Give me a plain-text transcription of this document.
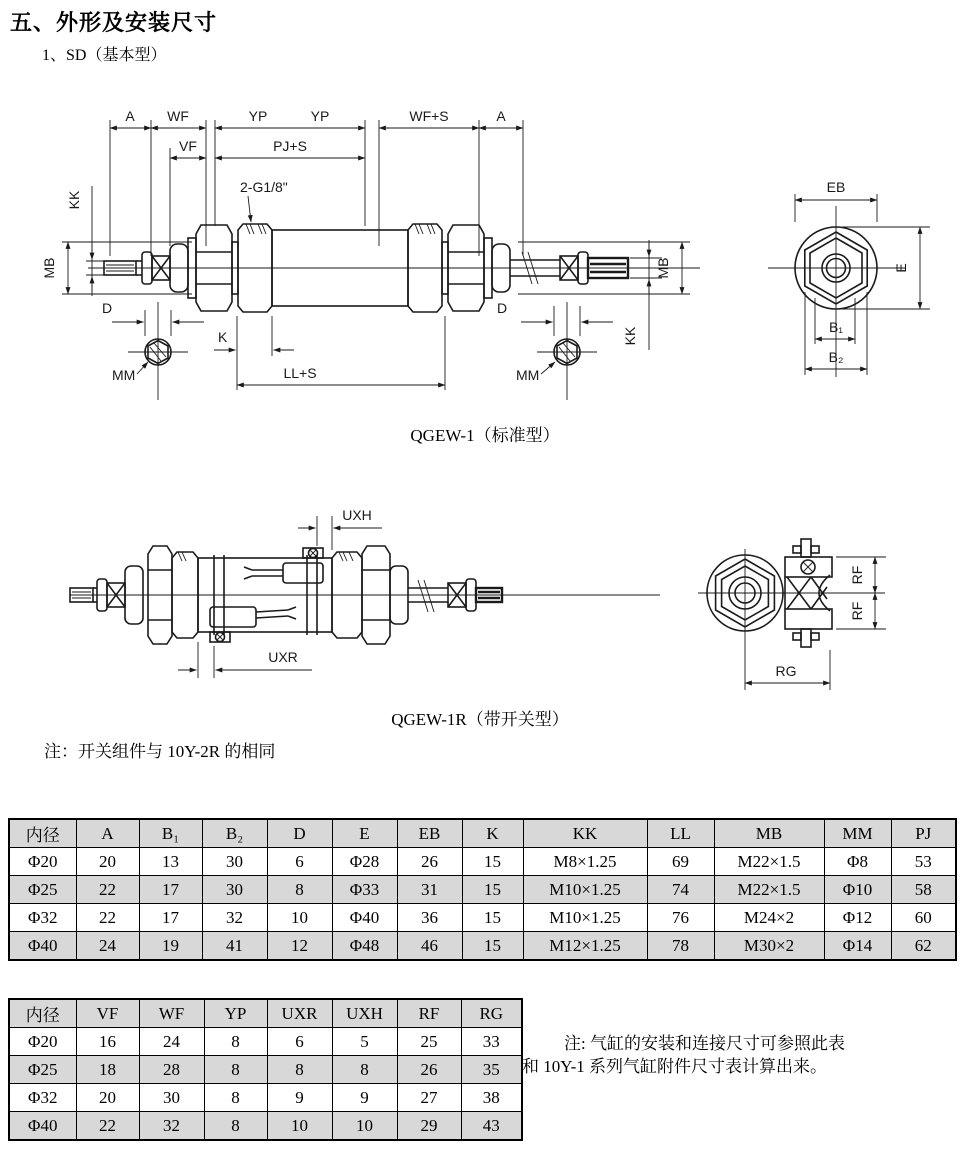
五、外形及安装尺寸
1、SD（基本型）
MM	MM
A WF	YP	YP	WF+S	A
VF	PJ+S
2-G1/8"
MB
KK
MB
KK
D	D
K
LL+S
EB
E
B₁
B₂
UXH
UXR
RF
RF
RG
QGEW-1（标准型）
QGEW-1R（带开关型）
注：开关组件与 10Y-2R 的相同
内径	A	B₁	B₂	D	E	EB	K	KK	LL	MB	MM	PJ
Φ20	20	13	30	6	Φ28	26	15	M8×1.25	69	M22×1.5	Φ8	53
Φ25	22	17	30	8	Φ33	31	15	M10×1.25	74	M22×1.5	Φ10	58
Φ32	22	17	32	10	Φ40	36	15	M10×1.25	76	M24×2	Φ12	60
Φ40	24	19	41	12	Φ48	46	15	M12×1.25	78	M30×2	Φ14	62
内径	VF	WF	YP	UXR	UXH	RF	RG
Φ20	16	24	8	6	5	25	33
Φ25	18	28	8	8	8	26	35
Φ32	20	30	8	9	9	27	38
Φ40	22	32	8	10	10	29	43
注: 气缸的安装和连接尺寸可参照此表
和 10Y-1 系列气缸附件尺寸表计算出来。
